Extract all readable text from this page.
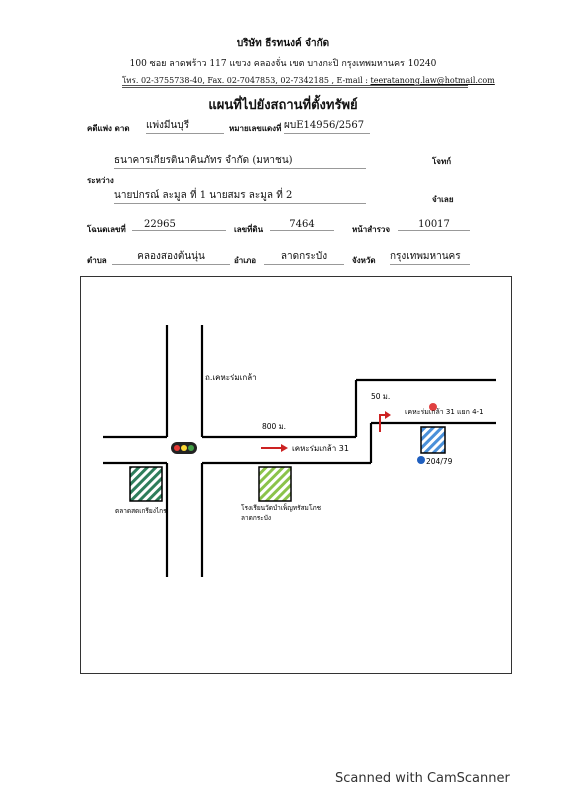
บริษัท ธีรทนงค์ จำกัด
100 ซอย ลาดพร้าว 117 แขวง คลองจั่น เขต บางกะปิ กรุงเทพมหานคร 10240
โทร. 02-3755738-40, Fax. 02-7047853, 02-7342185 , E-mail : teeratanong.law@hotmail.com
แผนที่ไปยังสถานที่ตั้งทรัพย์
คดีแพ่ง ดาด แพ่งมีนบุรี	หมายเลขแดงที่ ผบE14956/2567
ธนาคารเกียรตินาคินภัทร จำกัด (มหาชน)	โจทก์
ระหว่าง
นายปกรณ์ ละมูล ที่ 1 นายสมร ละมูล ที่ 2	จำเลย
โฉนดเลขที่	22965	เลขที่ดิน	7464	หน้าสำรวจ	10017
ตำบล	คลองสองต้นนุ่น	อำเภอ	ลาดกระบัง	จังหวัด กรุงเทพมหานคร
ถ.เคหะร่มเกล้า
800 ม.
เคหะร่มเกล้า 31
50 ม.
เคหะร่มเกล้า 31 แยก 4-1
204/79
ตลาดสดเกรียงไกร	โรงเรียนวัดบำเพ็ญทรัสมโภช
ลาดกระบัง
Scanned with CamScanner
